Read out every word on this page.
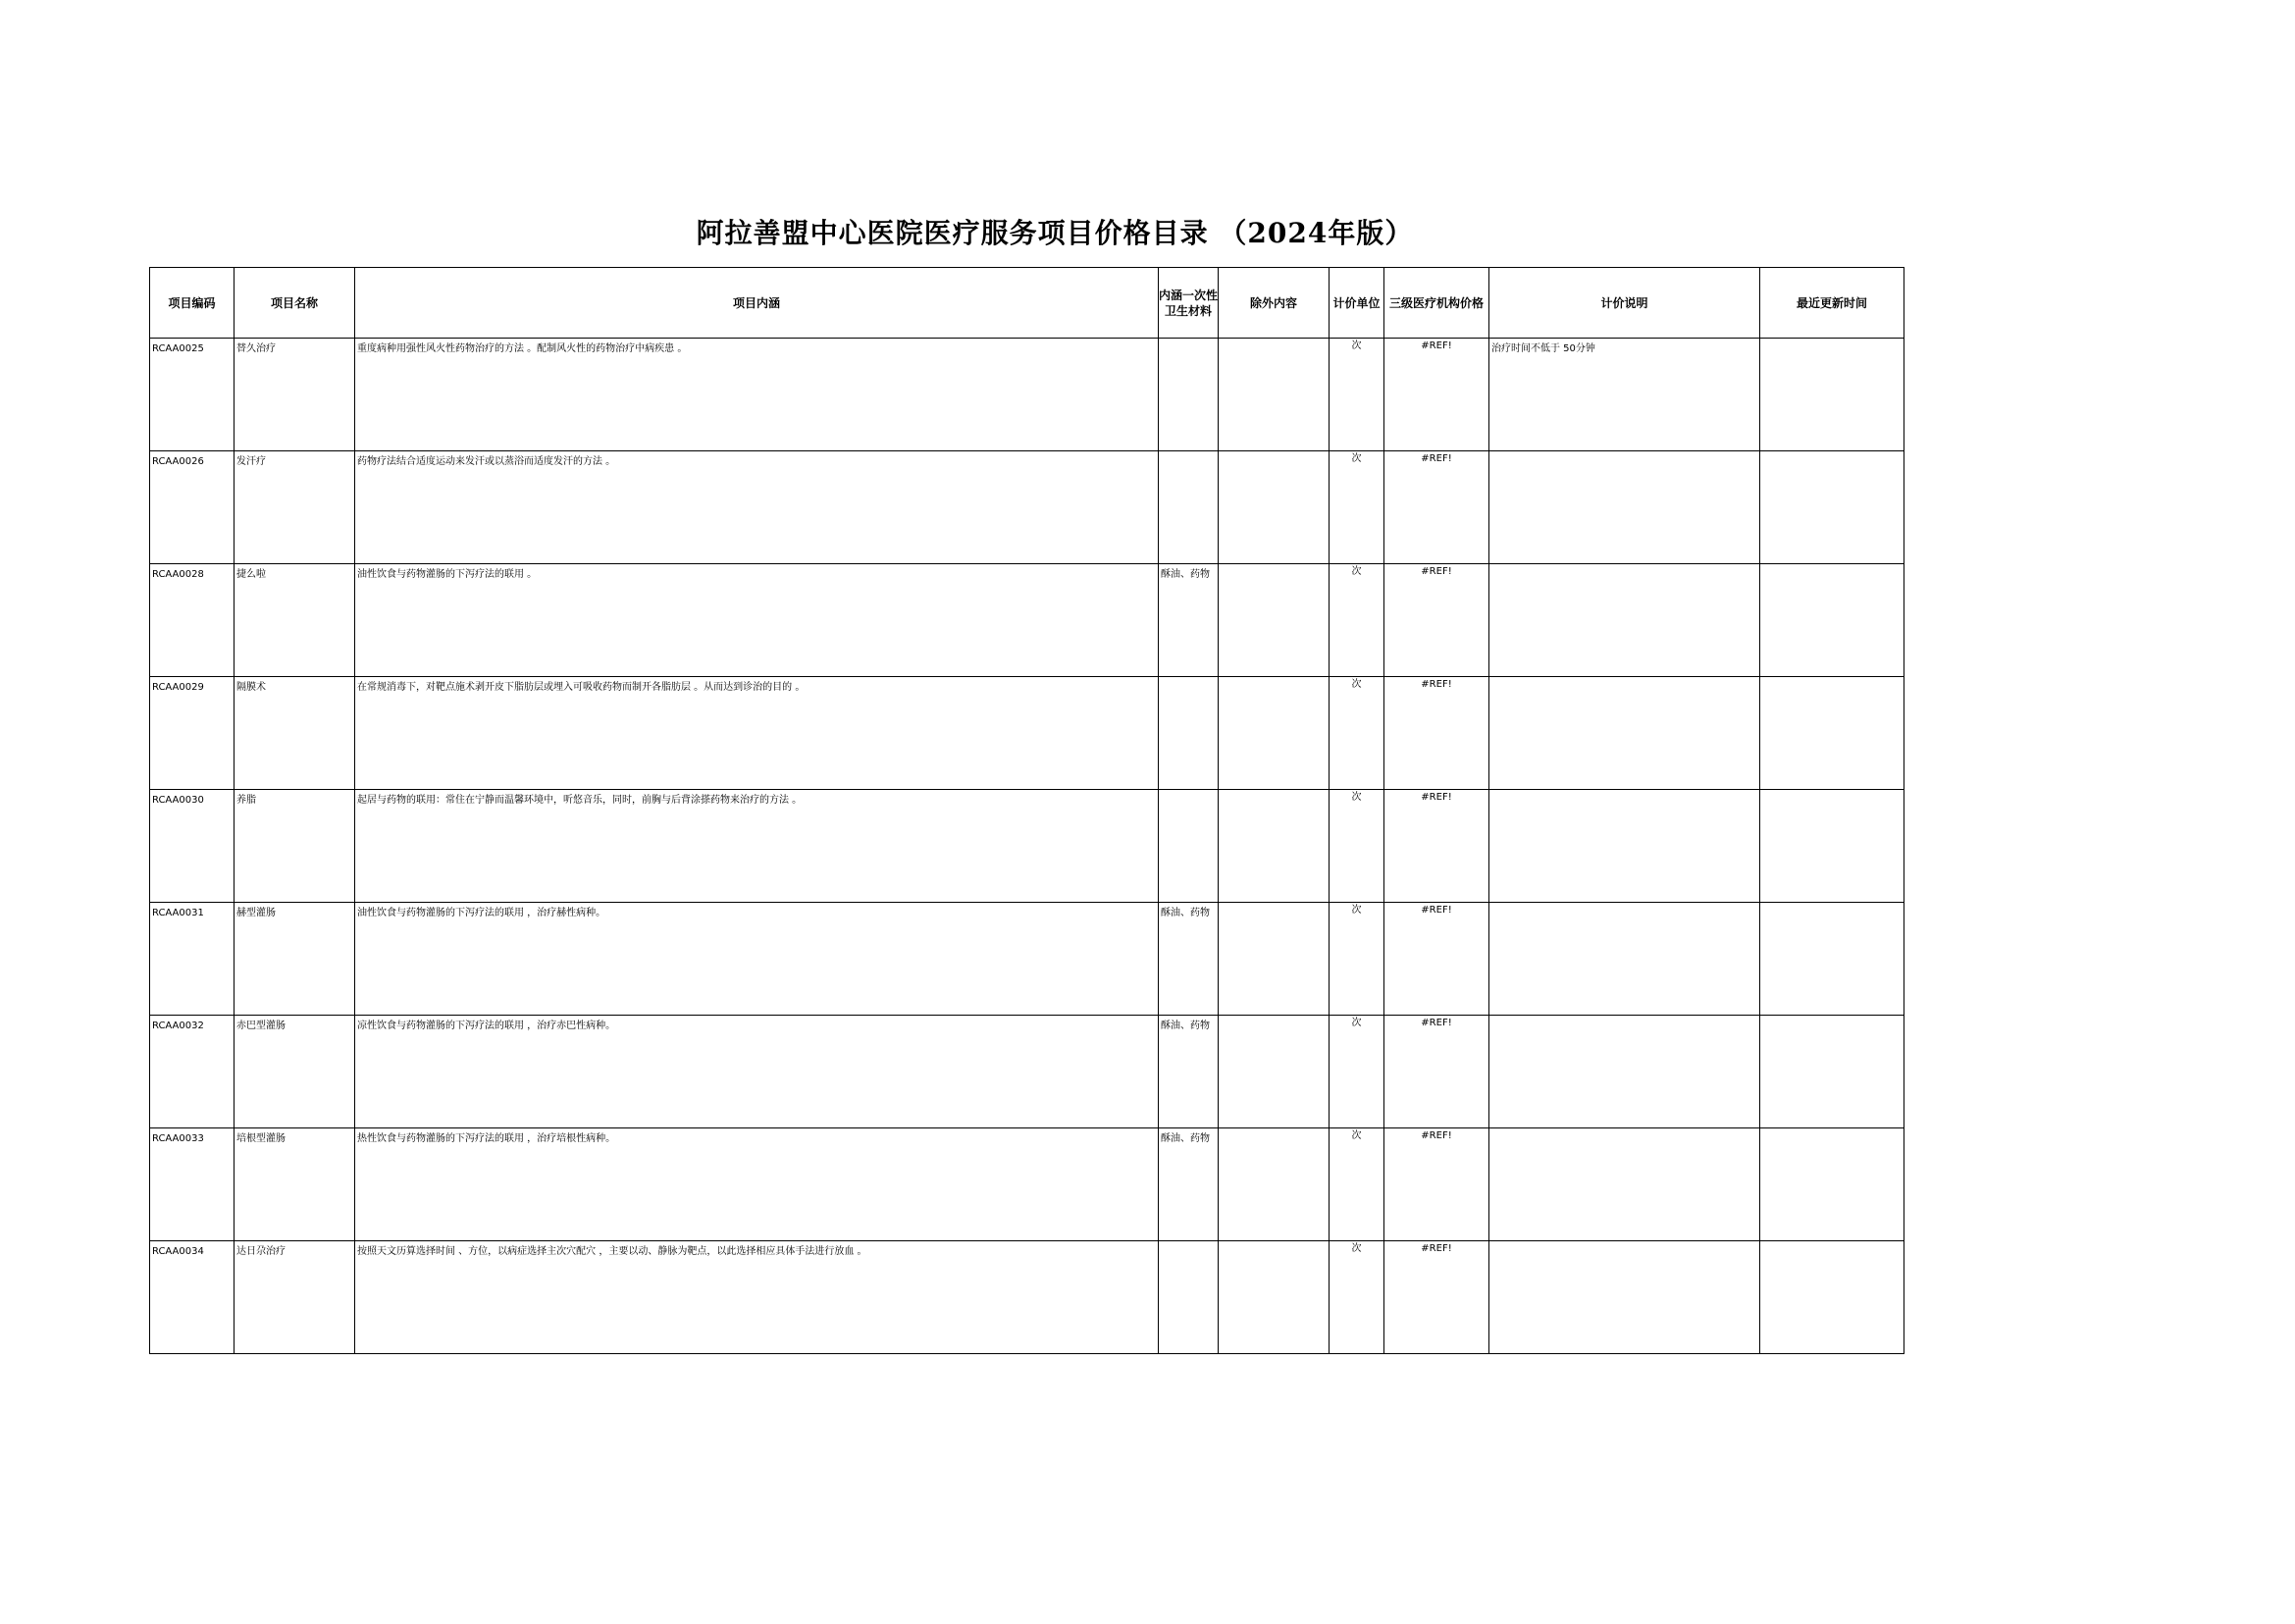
阿拉善盟中心医院医疗服务项目价格目录 （2024年版）
项目编码	项目名称	项目内涵	内涵一次性卫生材料	除外内容	计价单位	三级医疗机构价格	计价说明	最近更新时间

RCAA0025	替久治疗	重度病种用强性风火性药物治疗的方法 。配制风火性的药物治疗中病疾患 。			次	#REF!	治疗时间不低于 50分钟	

RCAA0026	发汗疗	药物疗法结合适度运动来发汗或以蒸浴而适度发汗的方法 。			次	#REF!	

RCAA0028	捷么啦	油性饮食与药物灌肠的下泻疗法的联用 。	酥油、药物		次	#REF!	

RCAA0029	隔膜术	在常规消毒下，对靶点施术剥开皮下脂肪层或埋入可吸收药物而制开各脂肪层 。从而达到诊治的目的 。			次	#REF!	

RCAA0030	养脂	起居与药物的联用：常住在宁静而温馨环境中，听悠音乐，同时，前胸与后背涂搽药物来治疗的方法 。			次	#REF!	

RCAA0031	赫型灌肠	油性饮食与药物灌肠的下泻疗法的联用 ，治疗赫性病种。	酥油、药物		次	#REF!	

RCAA0032	赤巴型灌肠	凉性饮食与药物灌肠的下泻疗法的联用 ，治疗赤巴性病种。	酥油、药物		次	#REF!	

RCAA0033	培根型灌肠	热性饮食与药物灌肠的下泻疗法的联用 ，治疗培根性病种。	酥油、药物		次	#REF!	

RCAA0034	达日尕治疗	按照天文历算选择时间 、方位，以病症选择主次穴配穴 ，主要以动、静脉为靶点，以此选择相应具体手法进行放血 。			次	#REF!	
